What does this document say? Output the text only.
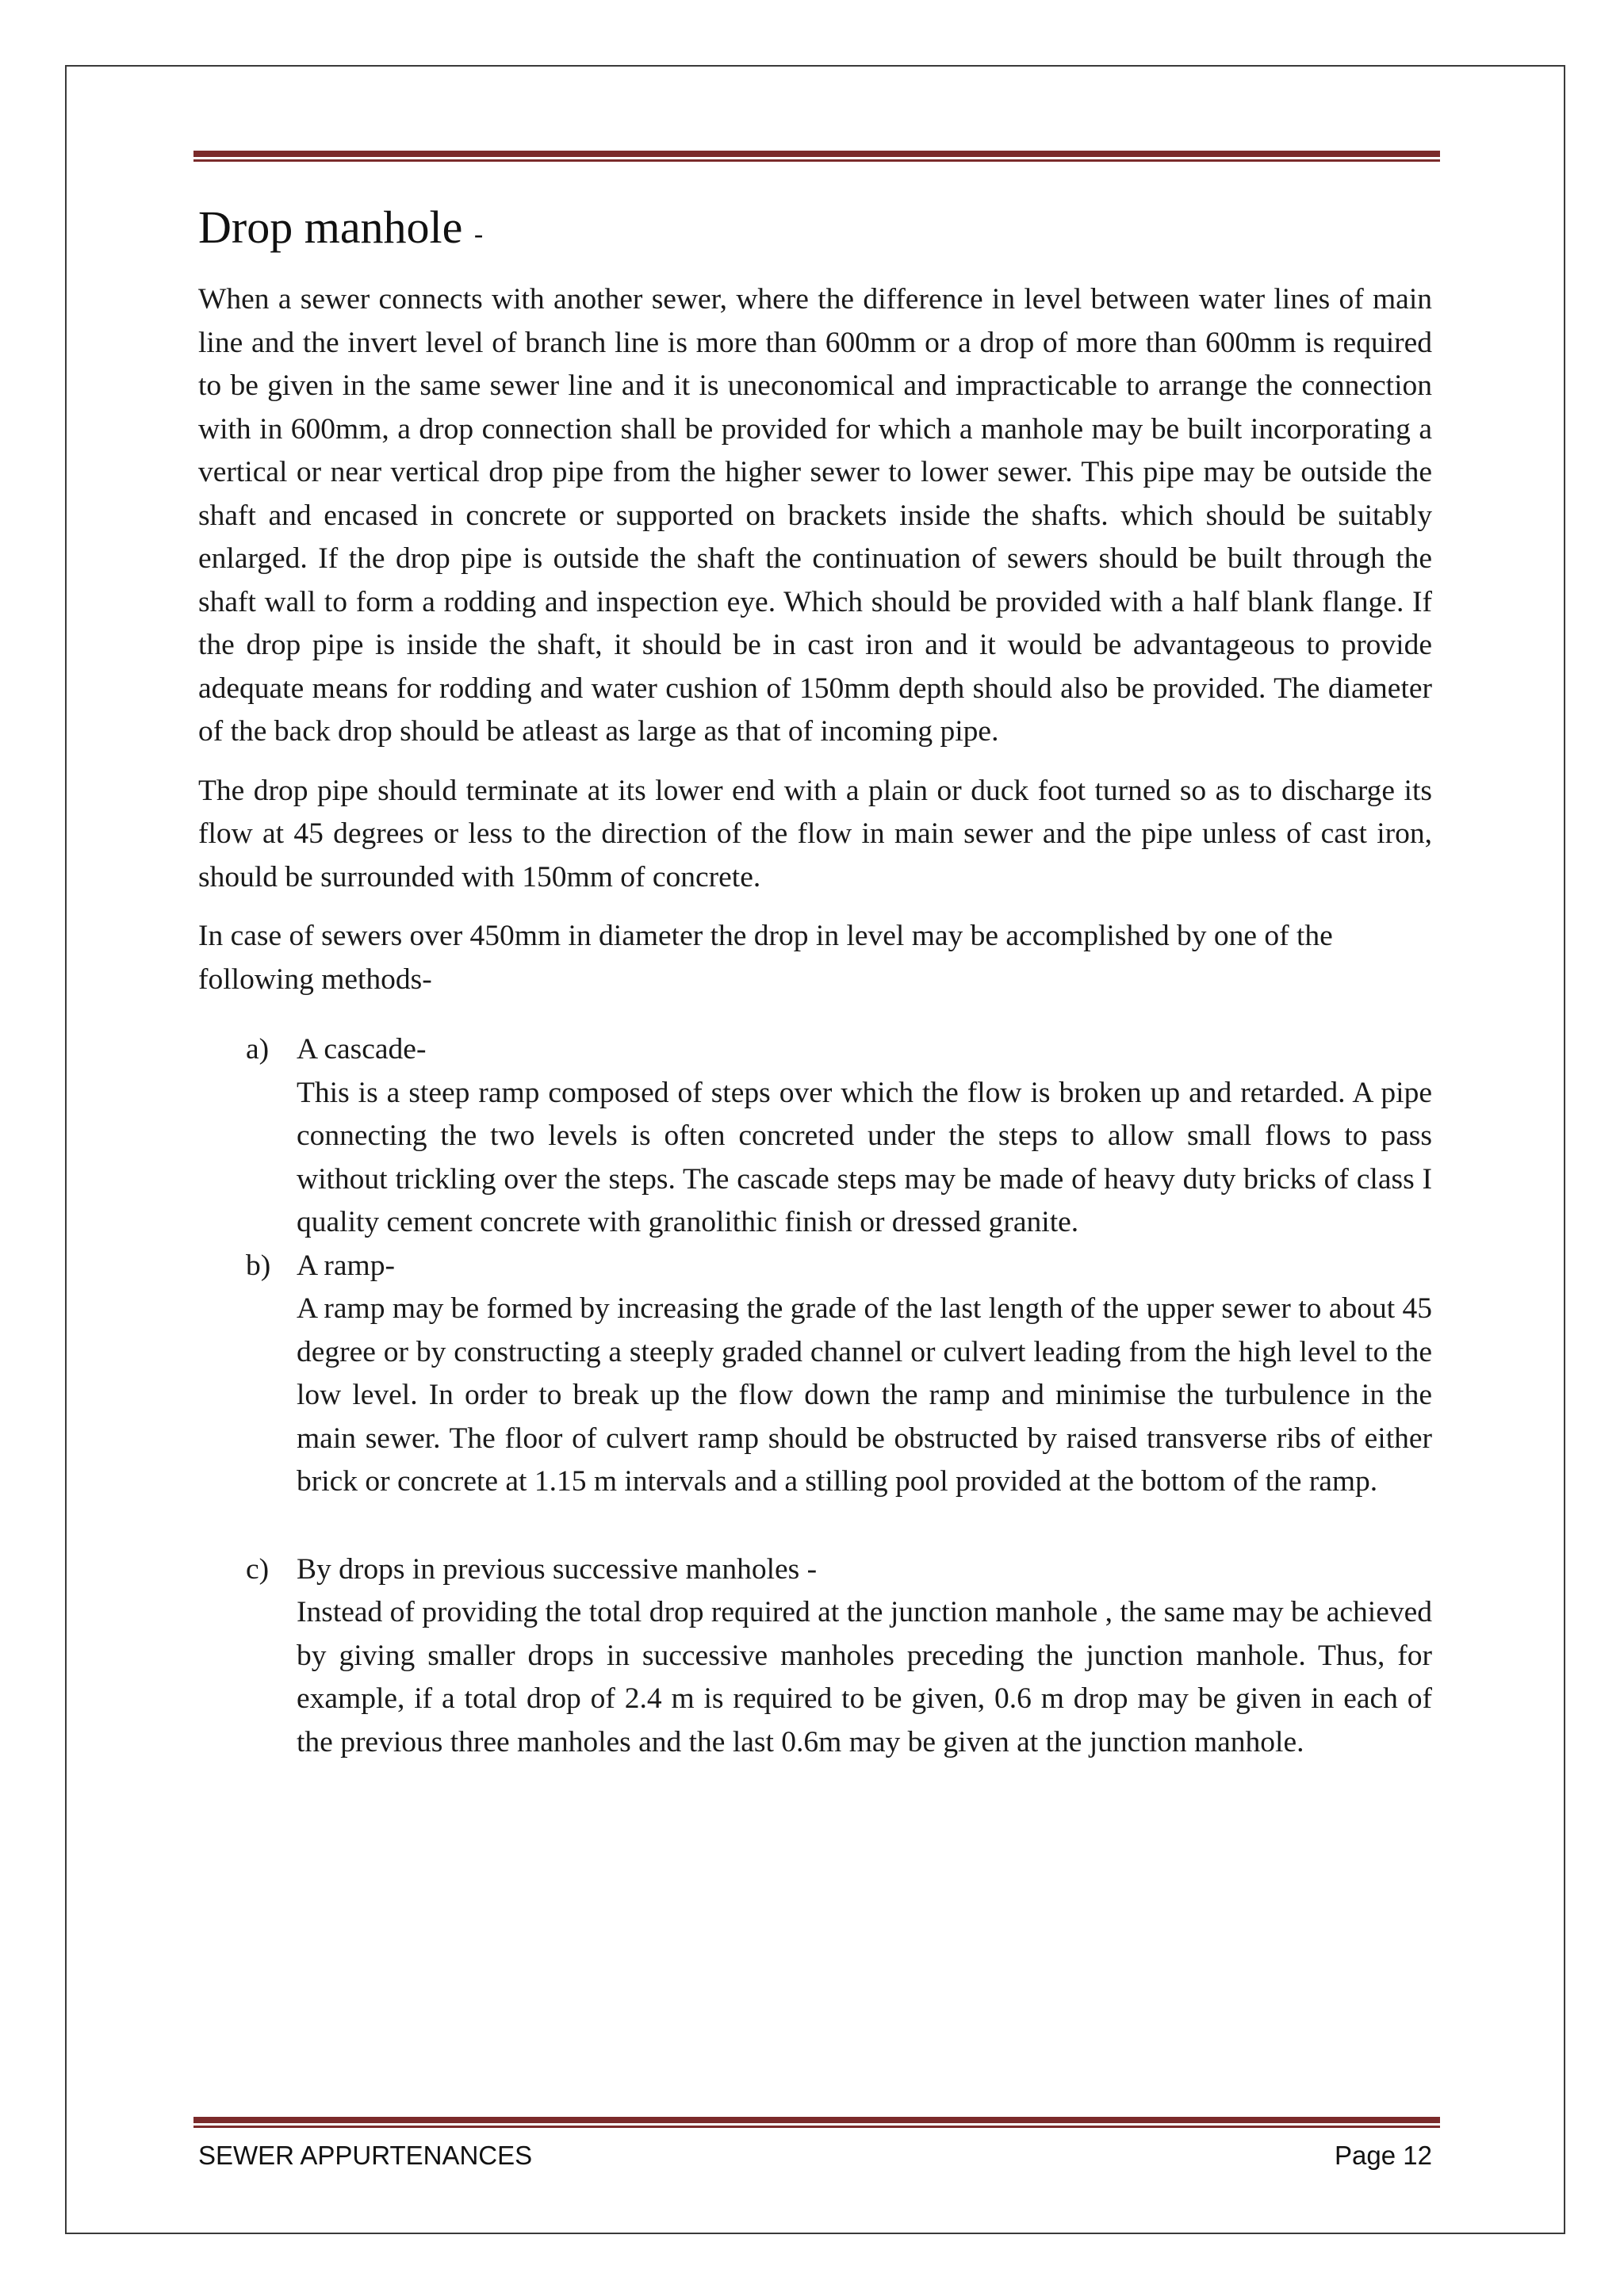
Drop manhole -

When a sewer connects with another sewer, where the difference in level between water lines of main line and the invert level of branch line is more than 600mm or a drop of more than 600mm is required to be given in the same sewer line and it is uneconomical and impracticable to arrange the connection with in 600mm, a drop connection shall be provided for which a manhole may be built incorporating a vertical or near vertical drop pipe from the higher sewer to lower sewer. This pipe may be outside the shaft and encased in concrete or supported on brackets inside the shafts. which should be suitably enlarged. If the drop pipe is outside the shaft the continuation of sewers should be built through the shaft wall to form a rodding and inspection eye. Which should be provided with a half blank flange. If the drop pipe is inside the shaft, it should be in cast iron and it would be advantageous to provide adequate means for rodding and water cushion of 150mm depth should also be provided. The diameter of the back drop should be atleast as large as that of incoming pipe.

The drop pipe should terminate at its lower end with a plain or duck foot turned so as to discharge its flow at 45 degrees or less to the direction of the flow in main sewer and the pipe unless of cast iron, should be surrounded with 150mm of concrete.

In case of sewers over 450mm in diameter the drop in level may be accomplished by one of the following methods-

a) A cascade-
This is a steep ramp composed of steps over which the flow is broken up and retarded. A pipe connecting the two levels is often concreted under the steps to allow small flows to pass without trickling over the steps. The cascade steps may be made of heavy duty bricks of class I quality cement concrete with granolithic finish or dressed granite.
b) A ramp-
A ramp may be formed by increasing the grade of the last length of the upper sewer to about 45 degree or by constructing a steeply graded channel or culvert leading from the high level to the low level. In order to break up the flow down the ramp and minimise the turbulence in the main sewer. The floor of culvert ramp should be obstructed by raised transverse ribs of either brick or concrete at 1.15 m intervals and a stilling pool provided at the bottom of the ramp.
c) By drops in previous successive manholes -
Instead of providing the total drop required at the junction manhole , the same may be achieved by giving smaller drops in successive manholes preceding the junction manhole. Thus, for example, if a total drop of 2.4 m is required to be given, 0.6 m drop may be given in each of the previous three manholes and the last 0.6m may be given at the junction manhole.
SEWER APPURTENANCES	Page 12
